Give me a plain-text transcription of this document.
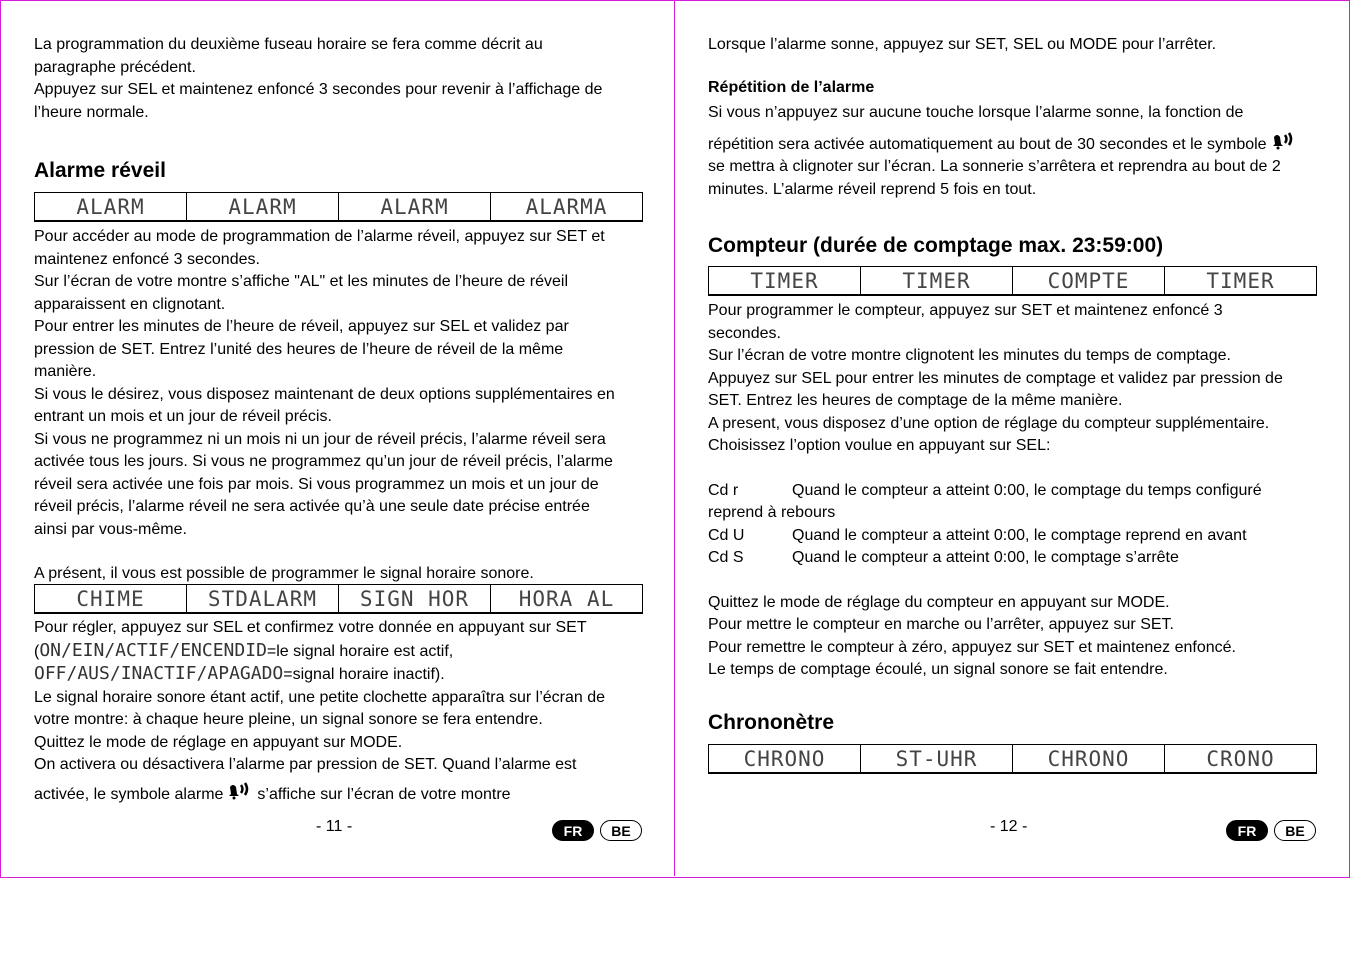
La programmation du deuxième fuseau horaire se fera comme décrit au

paragraphe précédent.

Appuyez sur SEL et maintenez enfoncé 3 secondes pour revenir à l’affichage de

l’heure normale.

Alarme réveil
ALARM	ALARM	ALARM	ALARMA

Pour accéder au mode de programmation de l’alarme réveil, appuyez sur SET et

maintenez enfoncé 3 secondes.

Sur l’écran de votre montre s’affiche "AL" et les minutes de l’heure de réveil

apparaissent en clignotant.

Pour entrer les minutes de l’heure de réveil, appuyez sur SEL et validez par

pression de SET. Entrez l’unité des heures de l’heure de réveil de la même

manière.

Si vous le désirez, vous disposez maintenant de deux options supplémentaires en

entrant un mois et un jour de réveil précis.

Si vous ne programmez ni un mois ni un jour de réveil précis, l’alarme réveil sera

activée tous les jours. Si vous ne programmez qu’un jour de réveil précis, l’alarme

réveil sera activée une fois par mois. Si vous programmez un mois et un jour de

réveil précis, l’alarme réveil ne sera activée qu’à une seule date précise entrée

ainsi par vous-même.

A présent, il vous est possible de programmer le signal horaire sonore.

CHIME	STDALARM	SIGN HOR	HORA AL

Pour régler, appuyez sur SEL et confirmez votre donnée en appuyant sur SET

(ON/EIN/ACTIF/ENCENDID=le signal horaire est actif,

OFF/AUS/INACTIF/APAGADO=signal horaire inactif).

Le signal horaire sonore étant actif, une petite clochette apparaîtra sur l’écran de

votre montre: à chaque heure pleine, un signal sonore se fera entendre.

Quittez le mode de réglage en appuyant sur MODE.

On activera ou désactivera l’alarme par pression de SET. Quand l’alarme est

activée, le symbole alarme s’affiche sur l’écran de votre montre

- 11 -	FR	BE

Lorsque l’alarme sonne, appuyez sur SET, SEL ou MODE pour l’arrêter.

Répétition de l’alarme

Si vous n’appuyez sur aucune touche lorsque l’alarme sonne, la fonction de

répétition sera activée automatiquement au bout de 30 secondes et le symbole

se mettra à clignoter sur l’écran. La sonnerie s’arrêtera et reprendra au bout de 2

minutes. L’alarme réveil reprend 5 fois en tout.

Compteur (durée de comptage max. 23:59:00)
TIMER	TIMER	COMPTE	TIMER

Pour programmer le compteur, appuyez sur SET et maintenez enfoncé 3

secondes.

Sur l’écran de votre montre clignotent les minutes du temps de comptage.

Appuyez sur SEL pour entrer les minutes de comptage et validez par pression de

SET. Entrez les heures de comptage de la même manière.

A present, vous disposez d’une option de réglage du compteur supplémentaire.

Choisissez l’option voulue en appuyant sur SEL:

Cd r	Quand le compteur a atteint 0:00, le comptage du temps configuré

reprend à rebours

Cd U	Quand le compteur a atteint 0:00, le comptage reprend en avant
Cd S	Quand le compteur a atteint 0:00, le comptage s’arrête

Quittez le mode de réglage du compteur en appuyant sur MODE.

Pour mettre le compteur en marche ou l’arrêter, appuyez sur SET.

Pour remettre le compteur à zéro, appuyez sur SET et maintenez enfoncé.

Le temps de comptage écoulé, un signal sonore se fait entendre.

Chrononètre
CHRONO	ST-UHR	CHRONO	CRONO
- 12 -	FR	BE
